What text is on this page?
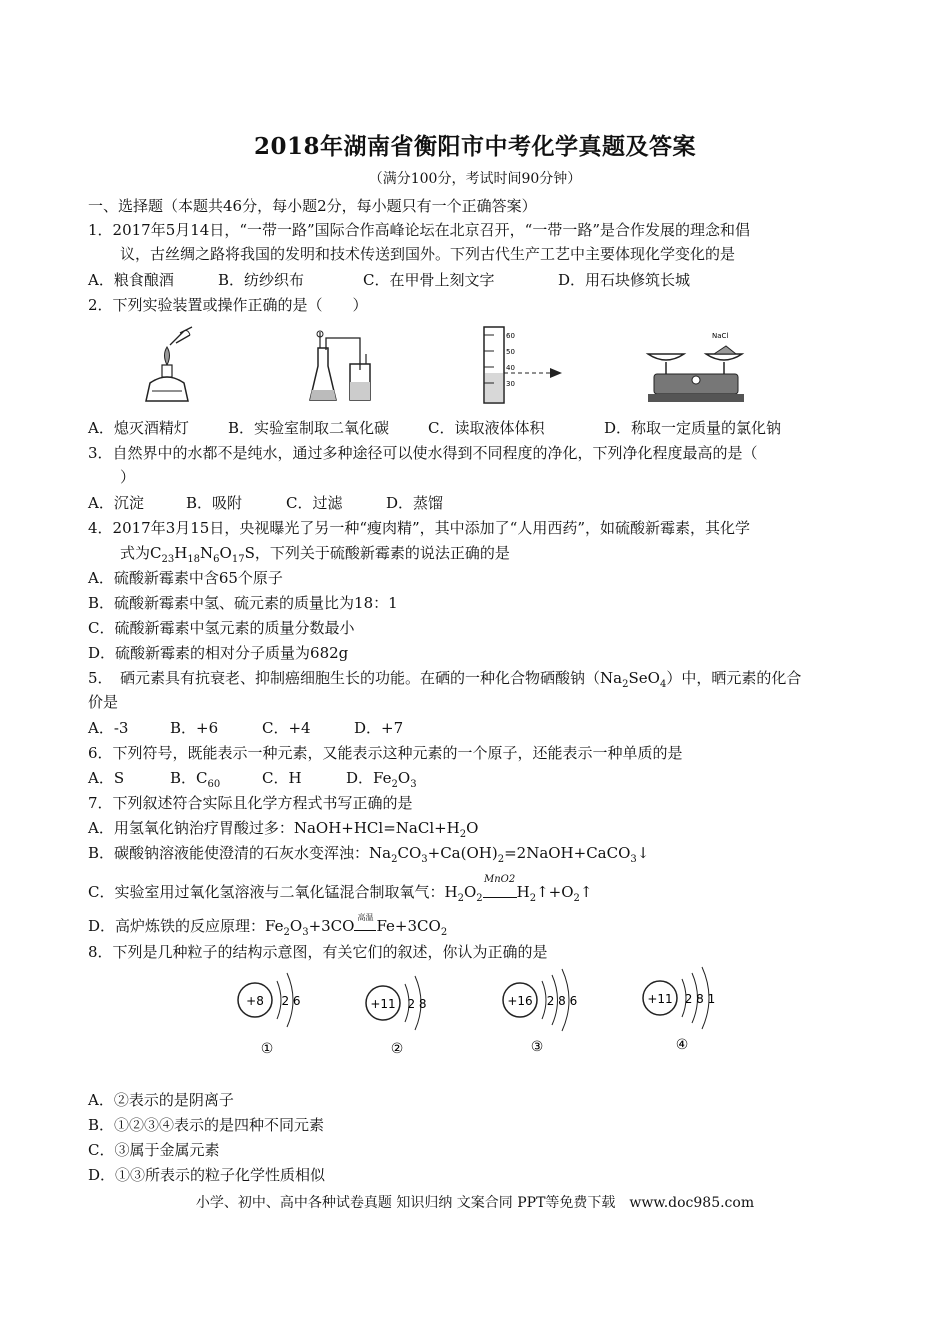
2018年湖南省衡阳市中考化学真题及答案
（满分100分，考试时间90分钟）
一、选择题（本题共46分，每小题2分，每小题只有一个正确答案）
1．2017年5月14日，“一带一路”国际合作高峰论坛在北京召开，“一带一路”是合作发展的理念和倡
议，古丝绸之路将我国的发明和技术传送到国外。下列古代生产工艺中主要体现化学变化的是
A．粮食酿酒	B．纺纱织布	C．在甲骨上刻文字	D．用石块修筑长城
2．下列实验装置或操作正确的是（　　）
60
50
40
30
NaCl
A．熄灭酒精灯	B．实验室制取二氧化碳	C．读取液体体积	D．称取一定质量的氯化钠
3．自然界中的水都不是纯水，通过多种途径可以使水得到不同程度的净化，下列净化程度最高的是（
）
A．沉淀	B．吸附	C．过滤	D．蒸馏
4．2017年3月15日，央视曝光了另一种“瘦肉精”，其中添加了“人用西药”，如硫酸新霉素，其化学
式为$C_{23}H_{18}N_6O_{17}S$，下列关于硫酸新霉素的说法正确的是
A．硫酸新霉素中含65个原子
B．硫酸新霉素中氢、硫元素的质量比为18：1
C．硫酸新霉素中氢元素的质量分数最小
D．硫酸新霉素的相对分子质量为682g
5．　硒元素具有抗衰老、抑制癌细胞生长的功能。在硒的一种化合物硒酸钠$(Na_2SeO_4)$中，晒元素的化合
价是
A．-3	B．+6	C．+4	D．+7
6．下列符号，既能表示一种元素，又能表示这种元素的一个原子，还能表示一种单质的是
A．S	B．$C_{60}$	C．H	D．$Fe_2O_3$
7．下列叙述符合实际且化学方程式书写正确的是
A．用氢氧化钠治疗胃酸过多：$NaOH+HCl=NaCl+H_2O$
B．碳酸钠溶液能使澄清的石灰水变浑浊：$Na_2CO_3+Ca(OH)_2=2NaOH+CaCO_3↓$
C．实验室用过氧化氢溶液与二氧化锰混合制取氧气：$H_2O_2$
MnO2
$H_2↑+O_2↑$
D．高炉炼铁的反应原理：$Fe_2O_3+3CO$ 高温 $Fe+3CO_2$
8．下列是几种粒子的结构示意图，有关它们的叙述，你认为正确的是
+8 2 6
①
+11 2 8
②
+16 2 8 6
③
+11 2 8 1
④
A．②表示的是阴离子
B．①②③④表示的是四种不同元素
C．③属于金属元素
D．①③所表示的粒子化学性质相似
小学、初中、高中各种试卷真题 知识归纳 文案合同 PPT等免费下载　www.doc985.com
